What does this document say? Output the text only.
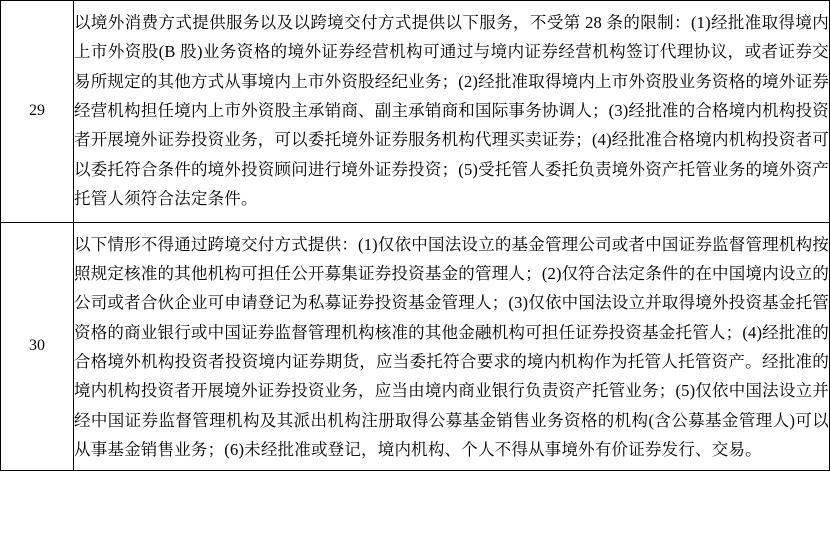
29	以境外消费方式提供服务以及以跨境交付方式提供以下服务，不受第 28 条的限制：(1)经批准取得境内上市外资股(B 股)业务资格的境外证券经营机构可通过与境内证券经营机构签订代理协议，或者证券交易所规定的其他方式从事境内上市外资股经纪业务；(2)经批准取得境内上市外资股业务资格的境外证券经营机构担任境内上市外资股主承销商、副主承销商和国际事务协调人；(3)经批准的合格境内机构投资者开展境外证券投资业务，可以委托境外证券服务机构代理买卖证券；(4)经批准合格境内机构投资者可以委托符合条件的境外投资顾问进行境外证券投资；(5)受托管人委托负责境外资产托管业务的境外资产托管人须符合法定条件。

30	以下情形不得通过跨境交付方式提供：(1)仅依中国法设立的基金管理公司或者中国证券监督管理机构按照规定核准的其他机构可担任公开募集证券投资基金的管理人；(2)仅符合法定条件的在中国境内设立的公司或者合伙企业可申请登记为私募证券投资基金管理人；(3)仅依中国法设立并取得境外投资基金托管资格的商业银行或中国证券监督管理机构核准的其他金融机构可担任证券投资基金托管人；(4)经批准的合格境外机构投资者投资境内证券期货，应当委托符合要求的境内机构作为托管人托管资产。经批准的境内机构投资者开展境外证券投资业务，应当由境内商业银行负责资产托管业务；(5)仅依中国法设立并经中国证券监督管理机构及其派出机构注册取得公募基金销售业务资格的机构(含公募基金管理人)可以从事基金销售业务；(6)未经批准或登记，境内机构、个人不得从事境外有价证券发行、交易。
